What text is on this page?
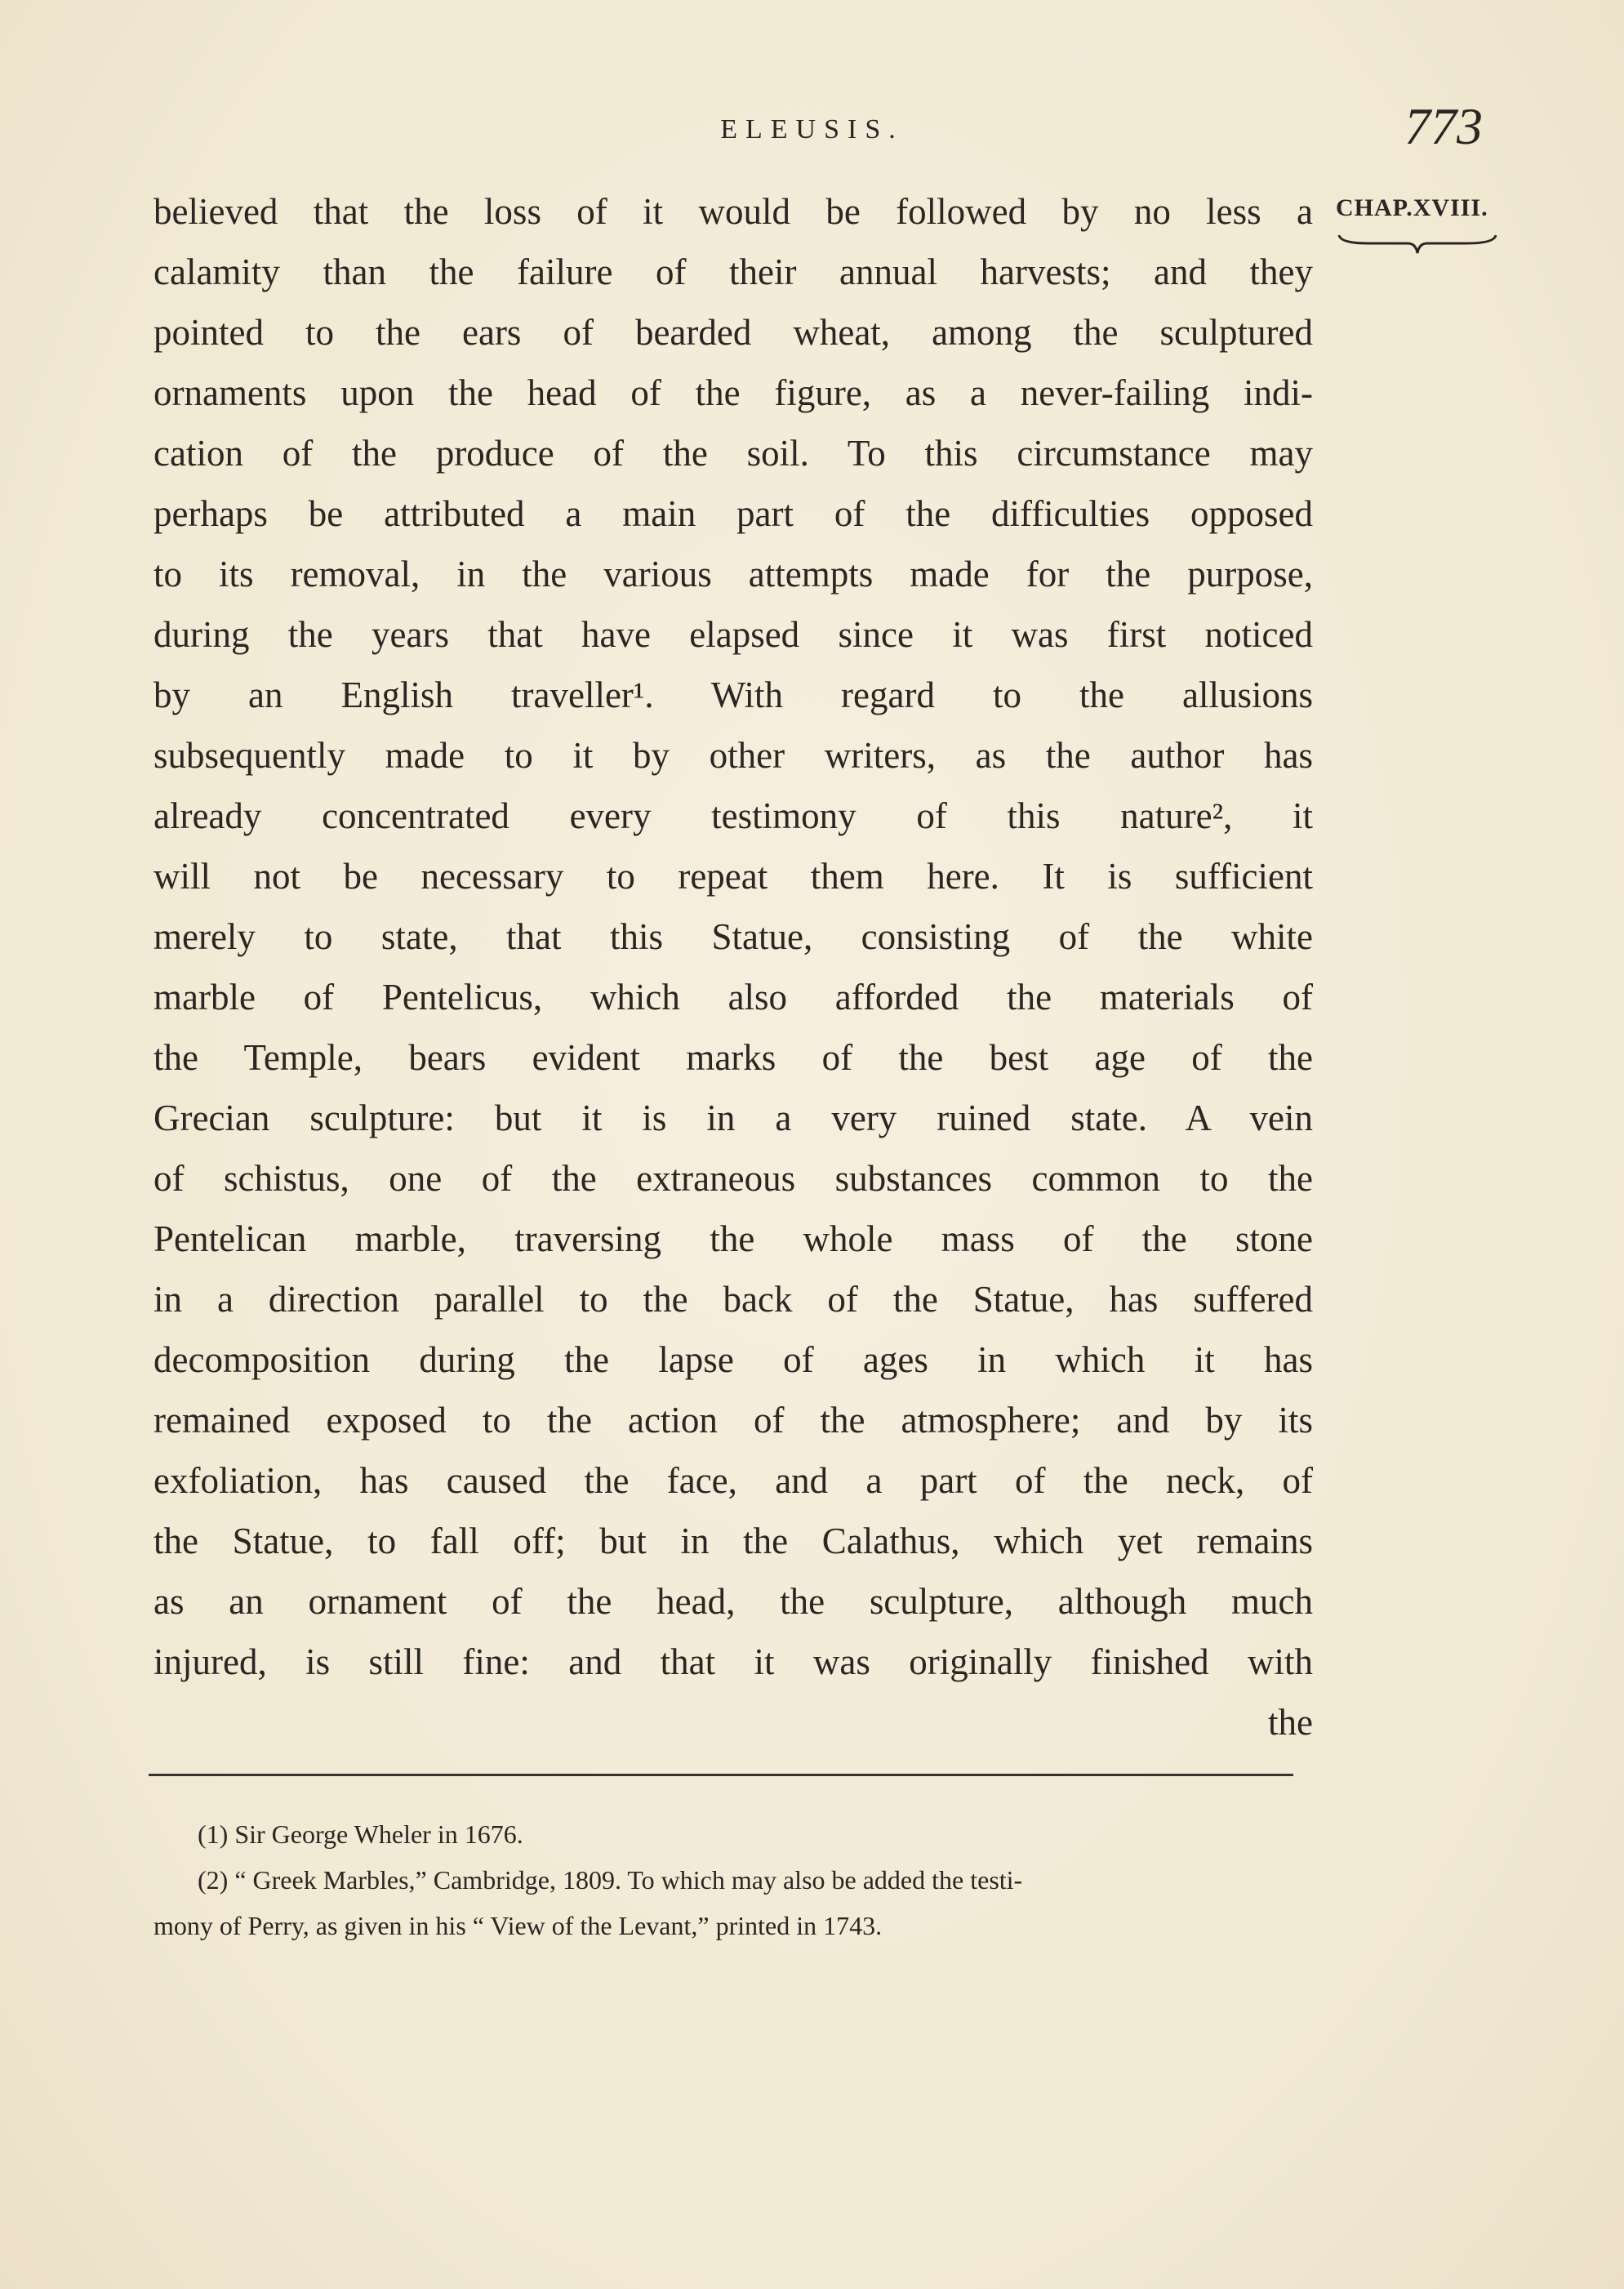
ELEUSIS.	773
CHAP.XVIII.
believed that the loss of it would be followed by no less a
calamity than the failure of their annual harvests; and they
pointed to the ears of bearded wheat, among the sculptured
ornaments upon the head of the figure, as a never-failing indi-
cation of the produce of the soil. To this circumstance may
perhaps be attributed a main part of the difficulties opposed
to its removal, in the various attempts made for the purpose,
during the years that have elapsed since it was first noticed
by an English traveller¹. With regard to the allusions
subsequently made to it by other writers, as the author has
already concentrated every testimony of this nature², it
will not be necessary to repeat them here. It is sufficient
merely to state, that this Statue, consisting of the white
marble of Pentelicus, which also afforded the materials of
the Temple, bears evident marks of the best age of the
Grecian sculpture: but it is in a very ruined state. A vein
of schistus, one of the extraneous substances common to the
Pentelican marble, traversing the whole mass of the stone
in a direction parallel to the back of the Statue, has suffered
decomposition during the lapse of ages in which it has
remained exposed to the action of the atmosphere; and by its
exfoliation, has caused the face, and a part of the neck, of
the Statue, to fall off; but in the Calathus, which yet remains
as an ornament of the head, the sculpture, although much
injured, is still fine: and that it was originally finished with
the
(1) Sir George Wheler in 1676.
(2) “ Greek Marbles,” Cambridge, 1809. To which may also be added the testi-
mony of Perry, as given in his “ View of the Levant,” printed in 1743.
